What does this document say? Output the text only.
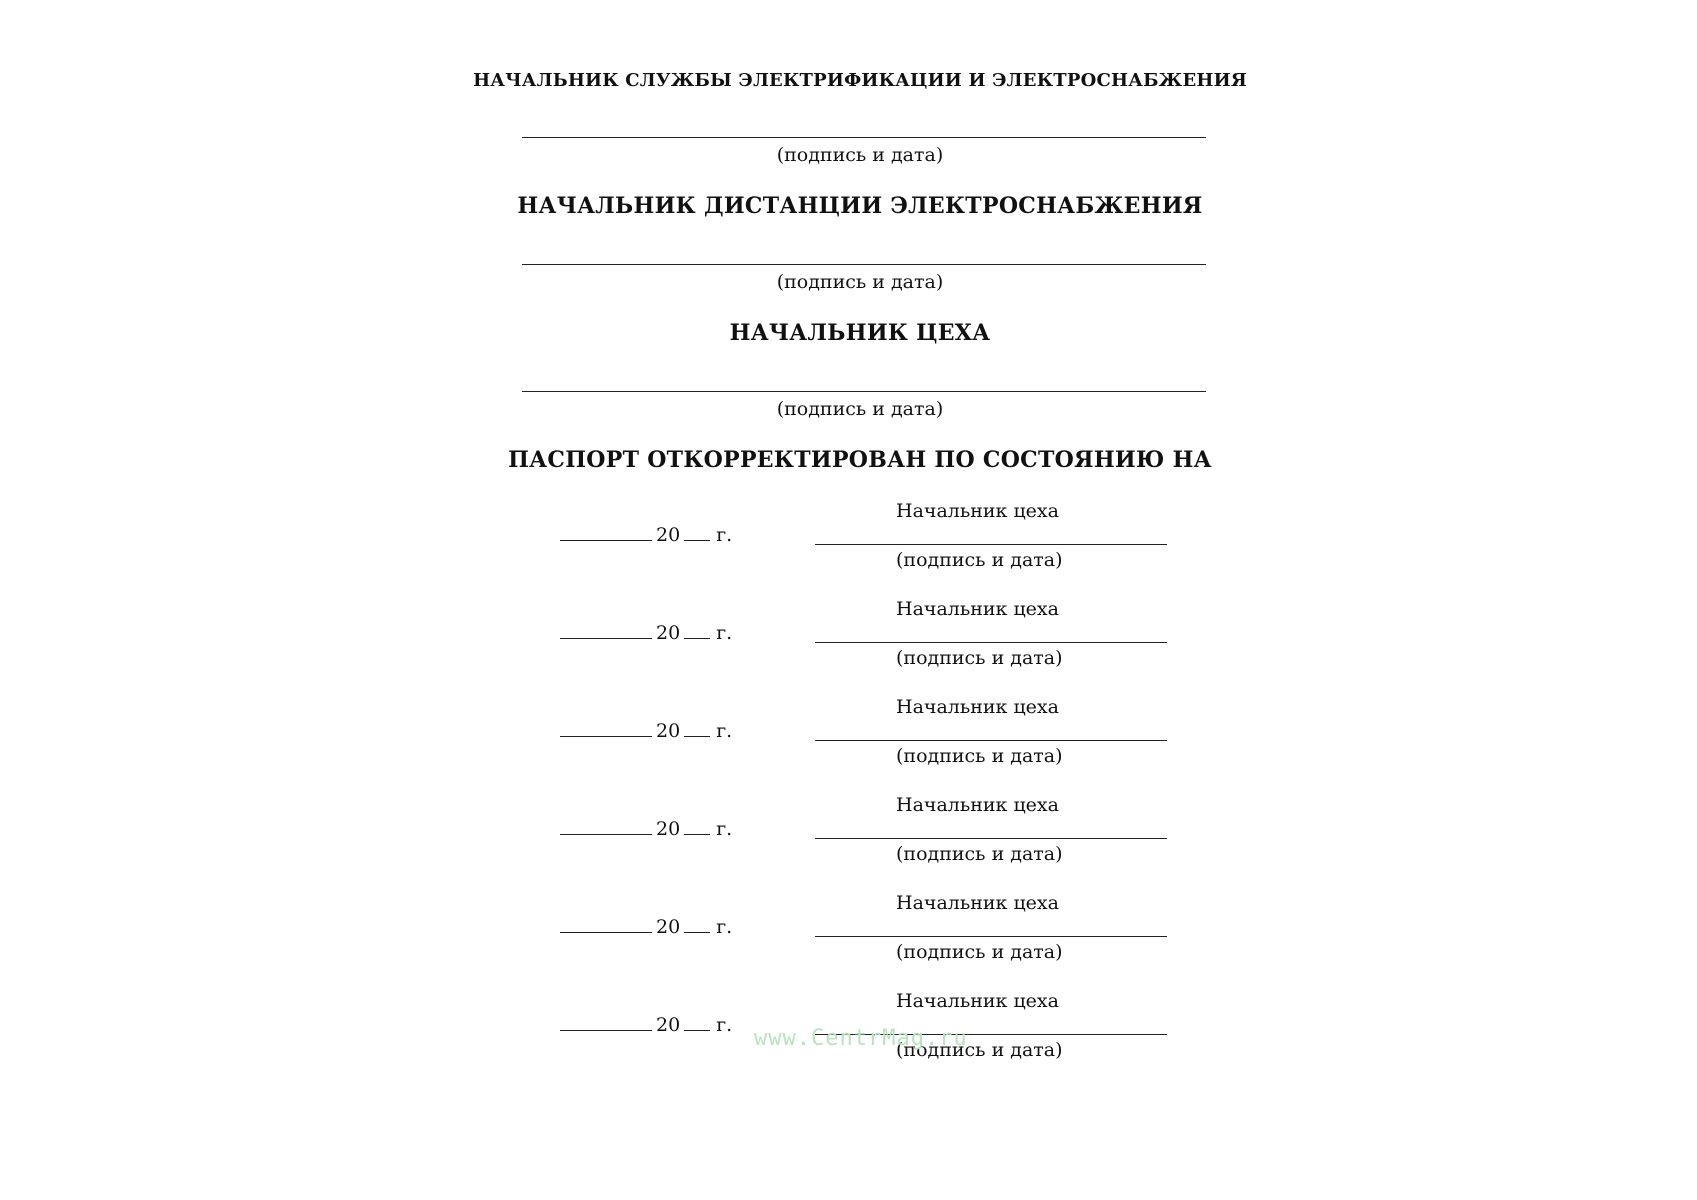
НАЧАЛЬНИК СЛУЖБЫ ЭЛЕКТРИФИКАЦИИ И ЭЛЕКТРОСНАБЖЕНИЯ
(подпись и дата)
НАЧАЛЬНИК ДИСТАНЦИИ ЭЛЕКТРОСНАБЖЕНИЯ
(подпись и дата)
НАЧАЛЬНИК ЦЕХА
(подпись и дата)
ПАСПОРТ ОТКОРРЕКТИРОВАН ПО СОСТОЯНИЮ НА
Начальник цеха
20 г.
(подпись и дата)
Начальник цеха
20 г.
(подпись и дата)
Начальник цеха
20 г.
(подпись и дата)
Начальник цеха
20 г.
(подпись и дата)
Начальник цеха
20 г.
(подпись и дата)
Начальник цеха
20 г.
(подпись и дата)
www.CentrMag.ru
